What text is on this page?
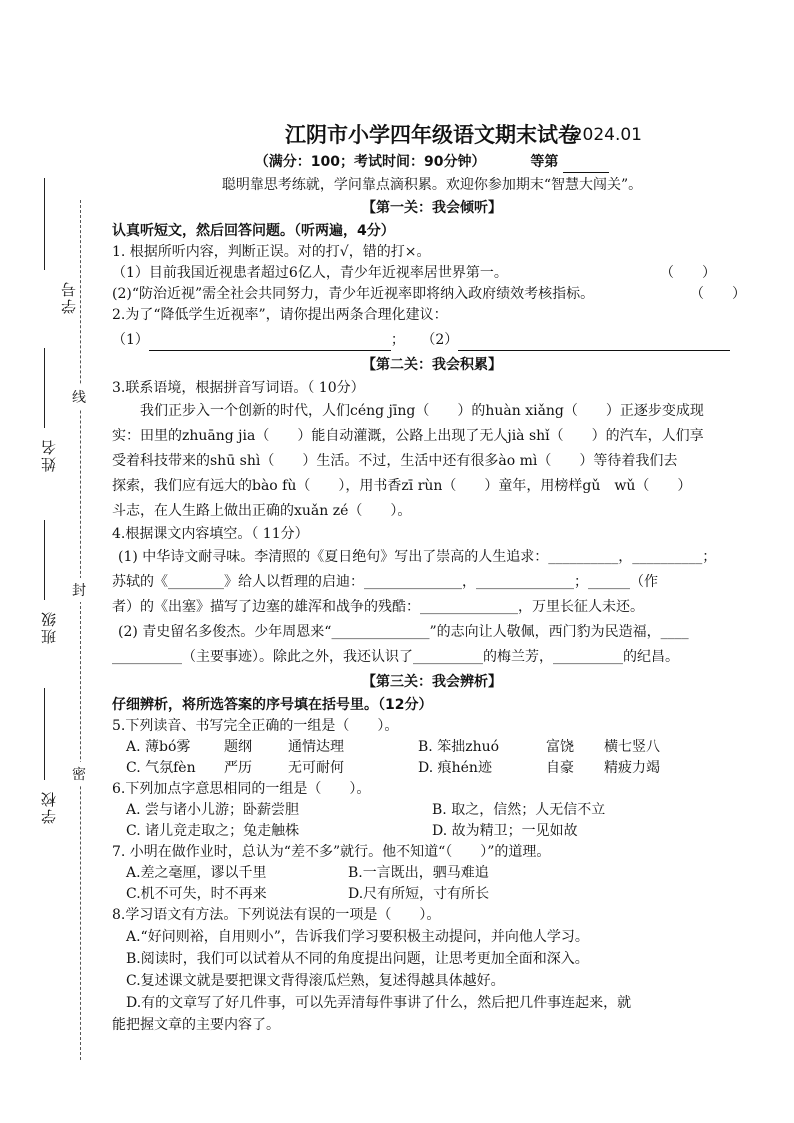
学号
姓名
班级
学校
线
封
密
江阴市小学四年级语文期末试卷
2024.01
（满分：100；考试时间：90分钟）	等第
聪明靠思考练就，学问靠点滴积累。欢迎你参加期末“智慧大闯关”。
【第一关：我会倾听】
认真听短文，然后回答问题。（听两遍，4分）
1. 根据所听内容，判断正误。对的打√，错的打×。
（1）目前我国近视患者超过6亿人，青少年近视率居世界第一。	（　　）
(2)“防治近视”需全社会共同努力，青少年近视率即将纳入政府绩效考核指标。	（　　）
2.为了“降低学生近视率”，请你提出两条合理化建议：
（1）	； （2）
【第二关：我会积累】
3.联系语境，根据拼音写词语。（ 10分）

我们正步入一个创新的时代，人们céng jīng（　　）的huàn xiǎng（　　）正逐步变成现

实：田里的zhuāng jia（　　）能自动灌溉，公路上出现了无人jià shǐ（　　）的汽车，人们享

受着科技带来的shū shì（　　）生活。不过，生活中还有很多ào mì（　　）等待着我们去

探索，我们应有远大的bào fù（　　），用书香zī rùn（　　）童年，用榜样gǔ　wǔ（　　）

斗志，在人生路上做出正确的xuǎn zé（　　）。

4.根据课文内容填空。（ 11分）

(1) 中华诗文耐寻味。李清照的《夏日绝句》写出了崇高的人生追求：__________，__________；

苏轼的《________》给人以哲理的启迪：______________，______________；______（作

者）的《出塞》描写了边塞的雄浑和战争的残酷：______________，万里长征人未还。

(2) 青史留名多俊杰。少年周恩来“______________”的志向让人敬佩，西门豹为民造福，____

__________（主要事迹）。除此之外，我还认识了__________的梅兰芳，__________的纪昌。

【第三关：我会辨析】
仔细辨析，将所选答案的序号填在括号里。（12分）
5.下列读音、书写完全正确的一组是（　　）。
A. 薄bó雾	题纲	通情达理	B. 笨拙zhuó	富饶	横七竖八
C. 气氛fèn	严历	无可耐何	D. 痕hén迹	自豪	精疲力竭
6.下列加点字意思相同的一组是（　　）。
A. 尝与诸小儿游；卧薪尝胆	B. 取之，信然；人无信不立
C. 诸儿竞走取之；兔走触株	D. 故为精卫；一见如故
7. 小明在做作业时，总认为“差不多”就行。他不知道“（　　）”的道理。
A.差之毫厘，谬以千里	B.一言既出，驷马难追
C.机不可失，时不再来	D.尺有所短，寸有所长
8.学习语文有方法。下列说法有误的一项是（　　）。

A.“好问则裕，自用则小”，告诉我们学习要积极主动提问，并向他人学习。

B.阅读时，我们可以试着从不同的角度提出问题，让思考更加全面和深入。

C.复述课文就是要把课文背得滚瓜烂熟，复述得越具体越好。

D.有的文章写了好几件事，可以先弄清每件事讲了什么，然后把几件事连起来，就

能把握文章的主要内容了。
